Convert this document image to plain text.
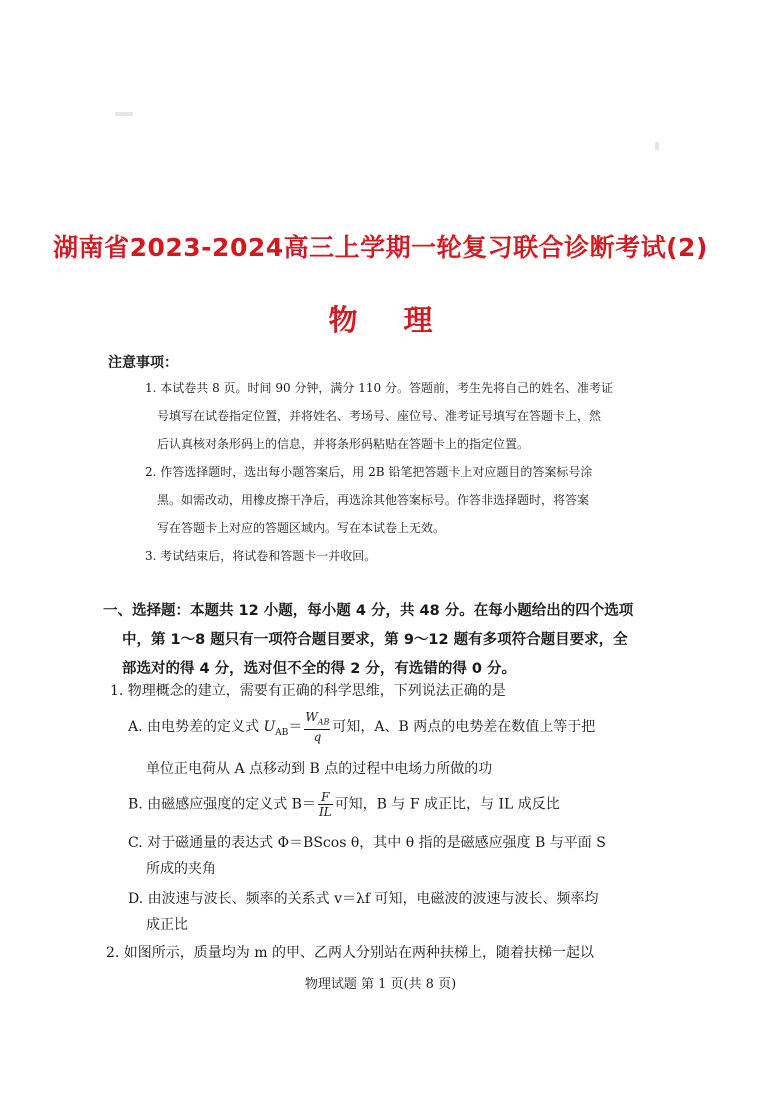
湖南省2023-2024高三上学期一轮复习联合诊断考试(2)
物理
注意事项：
1. 本试卷共 8 页。时间 90 分钟，满分 110 分。答题前，考生先将自己的姓名、准考证
号填写在试卷指定位置，并将姓名、考场号、座位号、准考证号填写在答题卡上，然
后认真核对条形码上的信息，并将条形码粘贴在答题卡上的指定位置。
2. 作答选择题时，选出每小题答案后，用 2B 铅笔把答题卡上对应题目的答案标号涂
黑。如需改动，用橡皮擦干净后，再选涂其他答案标号。作答非选择题时，将答案
写在答题卡上对应的答题区域内。写在本试卷上无效。
3. 考试结束后，将试卷和答题卡一并收回。
一、选择题：本题共 12 小题，每小题 4 分，共 48 分。在每小题给出的四个选项
中，第 1～8 题只有一项符合题目要求，第 9～12 题有多项符合题目要求，全
部选对的得 4 分，选对但不全的得 2 分，有选错的得 0 分。
1. 物理概念的建立，需要有正确的科学思维，下列说法正确的是
A. 由电势差的定义式 $U_{AB}= \frac{W_{AB}}{q}$ 可知，A、B 两点的电势差在数值上等于把
单位正电荷从 A 点移动到 B 点的过程中电场力所做的功
B. 由磁感应强度的定义式 $B= \frac{F}{IL}$ 可知，B 与 F 成正比，与 IL 成反比
C. 对于磁通量的表达式 Φ＝BScos θ，其中 θ 指的是磁感应强度 B 与平面 S
所成的夹角
D. 由波速与波长、频率的关系式 v＝λf 可知，电磁波的波速与波长、频率均
成正比
2. 如图所示，质量均为 m 的甲、乙两人分别站在两种扶梯上，随着扶梯一起以
物理试题 第 1 页(共 8 页)
